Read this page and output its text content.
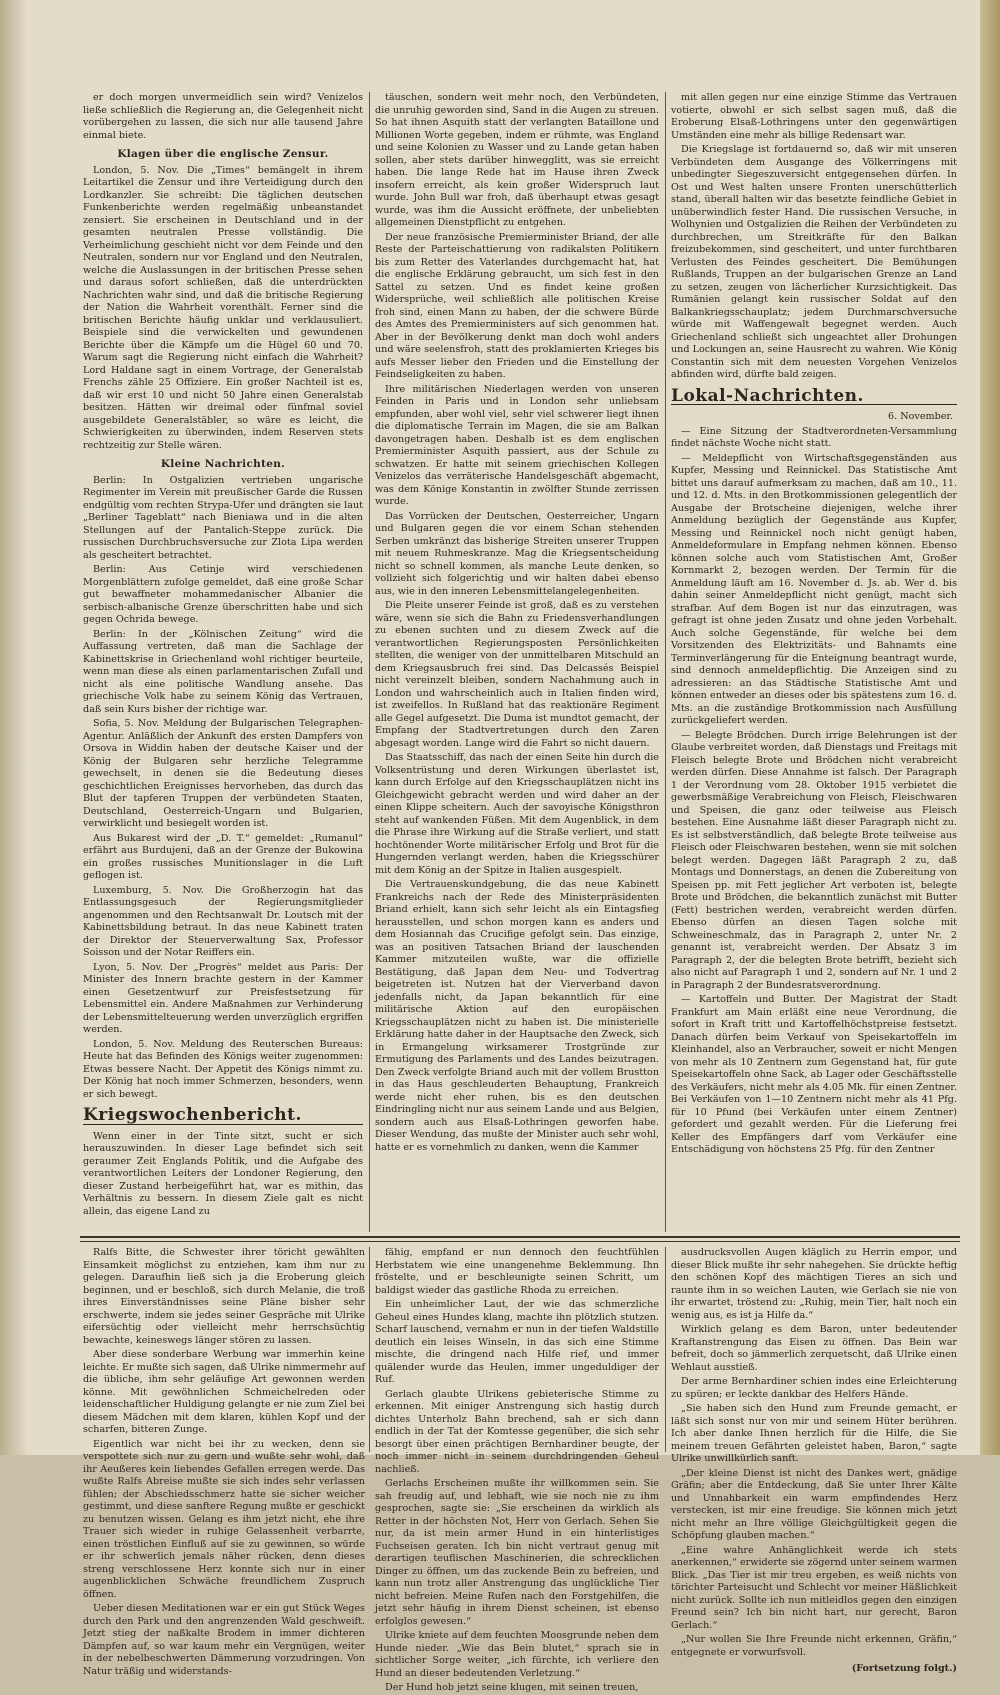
er doch morgen unvermeidlich sein wird? Venizelos ließe schließlich die Regierung an, die Gelegenheit nicht vorübergehen zu lassen, die sich nur alle tausend Jahre einmal biete.

Klagen über die englische Zensur.

London, 5. Nov. Die „Times“ bemängelt in ihrem Leitartikel die Zensur und ihre Verteidigung durch den Lordkanzler. Sie schreibt: Die täglichen deutschen Funkenberichte werden regelmäßig unbeanstandet zensiert. Sie erscheinen in Deutschland und in der gesamten neutralen Presse vollständig. Die Verheimlichung geschieht nicht vor dem Feinde und den Neutralen, sondern nur vor England und den Neutralen, welche die Auslassungen in der britischen Presse sehen und daraus sofort schließen, daß die unterdrückten Nachrichten wahr sind, und daß die britische Regierung der Nation die Wahrheit vorenthält. Ferner sind die britischen Berichte häufig unklar und verklausuliert. Beispiele sind die verwickelten und gewundenen Berichte über die Kämpfe um die Hügel 60 und 70. Warum sagt die Regierung nicht einfach die Wahrheit? Lord Haldane sagt in einem Vortrage, der Generalstab Frenchs zähle 25 Offiziere. Ein großer Nachteil ist es, daß wir erst 10 und nicht 50 Jahre einen Generalstab besitzen. Hätten wir dreimal oder fünfmal soviel ausgebildete Generalstäbler, so wäre es leicht, die Schwierigkeiten zu überwinden, indem Reserven stets rechtzeitig zur Stelle wären.

Kleine Nachrichten.

Berlin: In Ostgalizien vertrieben ungarische Regimenter im Verein mit preußischer Garde die Russen endgültig vom rechten Strypa-Ufer und drängten sie laut „Berliner Tageblatt“ nach Bieniawa und in die alten Stellungen auf der Pantalich-Steppe zurück. Die russischen Durchbruchsversuche zur Zlota Lipa werden als gescheitert betrachtet.

Berlin: Aus Cetinje wird verschiedenen Morgenblättern zufolge gemeldet, daß eine große Schar gut bewaffneter mohammedanischer Albanier die serbisch-albanische Grenze überschritten habe und sich gegen Ochrida bewege.

Berlin: In der „Kölnischen Zeitung“ wird die Auffassung vertreten, daß man die Sachlage der Kabinettskrise in Griechenland wohl richtiger beurteile, wenn man diese als einen parlamentarischen Zufall und nicht als eine politische Wandlung ansehe. Das griechische Volk habe zu seinem König das Vertrauen, daß sein Kurs bisher der richtige war.

Sofia, 5. Nov. Meldung der Bulgarischen Telegraphen-Agentur. Anläßlich der Ankunft des ersten Dampfers von Orsova in Widdin haben der deutsche Kaiser und der König der Bulgaren sehr herzliche Telegramme gewechselt, in denen sie die Bedeutung dieses geschichtlichen Ereignisses hervorheben, das durch das Blut der tapferen Truppen der verbündeten Staaten, Deutschland, Oesterreich-Ungarn und Bulgarien, verwirklicht und besiegelt worden ist.

Aus Bukarest wird der „D. T.“ gemeldet: „Rumanul“ erfährt aus Burdujeni, daß an der Grenze der Bukowina ein großes russisches Munitionslager in die Luft geflogen ist.

Luxemburg, 5. Nov. Die Großherzogin hat das Entlassungsgesuch der Regierungsmitglieder angenommen und den Rechtsanwalt Dr. Loutsch mit der Kabinettsbildung betraut. In das neue Kabinett traten der Direktor der Steuerverwaltung Sax, Professor Soisson und der Notar Reiffers ein.

Lyon, 5. Nov. Der „Progrès“ meldet aus Paris: Der Minister des Innern brachte gestern in der Kammer einen Gesetzentwurf zur Preisfestsetzung für Lebensmittel ein. Andere Maßnahmen zur Verhinderung der Lebensmittelteuerung werden unverzüglich ergriffen werden.

London, 5. Nov. Meldung des Reuterschen Bureaus: Heute hat das Befinden des Königs weiter zugenommen: Etwas bessere Nacht. Der Appetit des Königs nimmt zu. Der König hat noch immer Schmerzen, besonders, wenn er sich bewegt.

Kriegswochenbericht.

Wenn einer in der Tinte sitzt, sucht er sich herauszuwinden. In dieser Lage befindet sich seit geraumer Zeit Englands Politik, und die Aufgabe des verantwortlichen Leiters der Londoner Regierung, den dieser Zustand herbeigeführt hat, war es mithin, das Verhältnis zu bessern. In diesem Ziele galt es nicht allein, das eigene Land zu

täuschen, sondern weit mehr noch, den Verbündeten, die unruhig geworden sind, Sand in die Augen zu streuen. So hat ihnen Asquith statt der verlangten Bataillone und Millionen Worte gegeben, indem er rühmte, was England und seine Kolonien zu Wasser und zu Lande getan haben sollen, aber stets darüber hinwegglitt, was sie erreicht haben. Die lange Rede hat im Hause ihren Zweck insofern erreicht, als kein großer Widerspruch laut wurde. John Bull war froh, daß überhaupt etwas gesagt wurde, was ihm die Aussicht eröffnete, der unbeliebten allgemeinen Dienstpflicht zu entgehen.

Der neue französische Premierminister Briand, der alle Reste der Parteischattierung von radikalsten Politikern bis zum Retter des Vaterlandes durchgemacht hat, hat die englische Erklärung gebraucht, um sich fest in den Sattel zu setzen. Und es findet keine großen Widersprüche, weil schließlich alle politischen Kreise froh sind, einen Mann zu haben, der die schwere Bürde des Amtes des Premierministers auf sich genommen hat. Aber in der Bevölkerung denkt man doch wohl anders und wäre seelensfroh, statt des proklamierten Krieges bis aufs Messer lieber den Frieden und die Einstellung der Feindseligkeiten zu haben.

Ihre militärischen Niederlagen werden von unseren Feinden in Paris und in London sehr unliebsam empfunden, aber wohl viel, sehr viel schwerer liegt ihnen die diplomatische Terrain im Magen, die sie am Balkan davongetragen haben. Deshalb ist es dem englischen Premierminister Asquith passiert, aus der Schule zu schwatzen. Er hatte mit seinem griechischen Kollegen Venizelos das verräterische Handelsgeschäft abgemacht, was dem Könige Konstantin in zwölfter Stunde zerrissen wurde.

Das Vorrücken der Deutschen, Oesterreicher, Ungarn und Bulgaren gegen die vor einem Schan stehenden Serben umkränzt das bisherige Streiten unserer Truppen mit neuem Ruhmeskranze. Mag die Kriegsentscheidung nicht so schnell kommen, als manche Leute denken, so vollzieht sich folgerichtig und wir halten dabei ebenso aus, wie in den inneren Lebensmittelangelegenheiten.

Die Pleite unserer Feinde ist groß, daß es zu verstehen wäre, wenn sie sich die Bahn zu Friedensverhandlungen zu ebenen suchten und zu diesem Zweck auf die verantwortlichen Regierungsposten Persönlichkeiten stellten, die weniger von der unmittelbaren Mitschuld an dem Kriegsausbruch frei sind. Das Delcassés Beispiel nicht vereinzelt bleiben, sondern Nachahmung auch in London und wahrscheinlich auch in Italien finden wird, ist zweifellos. In Rußland hat das reaktionäre Regiment alle Gegel aufgesetzt. Die Duma ist mundtot gemacht, der Empfang der Stadtvertretungen durch den Zaren abgesagt worden. Lange wird die Fahrt so nicht dauern.

Das Staatsschiff, das nach der einen Seite hin durch die Volksentrüstung und deren Wirkungen überlastet ist, kann durch Erfolge auf den Kriegsschauplätzen nicht ins Gleichgewicht gebracht werden und wird daher an der einen Klippe scheitern. Auch der savoyische Königsthron steht auf wankenden Füßen. Mit dem Augenblick, in dem die Phrase ihre Wirkung auf die Straße verliert, und statt hochtönender Worte militärischer Erfolg und Brot für die Hungernden verlangt werden, haben die Kriegsschürer mit dem König an der Spitze in Italien ausgespielt.

Die Vertrauenskundgebung, die das neue Kabinett Frankreichs nach der Rede des Ministerpräsidenten Briand erhielt, kann sich sehr leicht als ein Eintagsfieg herausstellen, und schon morgen kann es anders und dem Hosiannah das Crucifige gefolgt sein. Das einzige, was an positiven Tatsachen Briand der lauschenden Kammer mitzuteilen wußte, war die offizielle Bestätigung, daß Japan dem Neu- und Todvertrag beigetreten ist. Nutzen hat der Vierverband davon jedenfalls nicht, da Japan bekanntlich für eine militärische Aktion auf den europäischen Kriegsschauplätzen nicht zu haben ist. Die ministerielle Erklärung hatte daher in der Hauptsache den Zweck, sich in Ermangelung wirksamerer Trostgründe zur Ermutigung des Parlaments und des Landes beizutragen. Den Zweck verfolgte Briand auch mit der vollem Brustton in das Haus geschleuderten Behauptung, Frankreich werde nicht eher ruhen, bis es den deutschen Eindringling nicht nur aus seinem Lande und aus Belgien, sondern auch aus Elsaß-Lothringen geworfen habe. Dieser Wendung, das mußte der Minister auch sehr wohl, hatte er es vornehmlich zu danken, wenn die Kammer

mit allen gegen nur eine einzige Stimme das Vertrauen votierte, obwohl er sich selbst sagen muß, daß die Eroberung Elsaß-Lothringens unter den gegenwärtigen Umständen eine mehr als billige Redensart war.

Die Kriegslage ist fortdauernd so, daß wir mit unseren Verbündeten dem Ausgange des Völkerringens mit unbedingter Siegeszuversicht entgegensehen dürfen. In Ost und West halten unsere Fronten unerschütterlich stand, überall halten wir das besetzte feindliche Gebiet in unüberwindlich fester Hand. Die russischen Versuche, in Wolhynien und Ostgalizien die Reihen der Verbündeten zu durchbrechen, um Streitkräfte für den Balkan freizubekommen, sind gescheitert, und unter furchtbaren Verlusten des Feindes gescheitert. Die Bemühungen Rußlands, Truppen an der bulgarischen Grenze an Land zu setzen, zeugen von lächerlicher Kurzsichtigkeit. Das Rumänien gelangt kein russischer Soldat auf den Balkankriegsschauplatz; jedem Durchmarschversuche würde mit Waffengewalt begegnet werden. Auch Griechenland schließt sich ungeachtet aller Drohungen und Lockungen an, seine Hausrecht zu wahren. Wie König Constantin sich mit dem neuesten Vorgehen Venizelos abfinden wird, dürfte bald zeigen.

Lokal-Nachrichten.
6. November.

— Eine Sitzung der Stadtverordneten-Versammlung findet nächste Woche nicht statt.

— Meldepflicht von Wirtschaftsgegenständen aus Kupfer, Messing und Reinnickel. Das Statistische Amt bittet uns darauf aufmerksam zu machen, daß am 10., 11. und 12. d. Mts. in den Brotkommissionen gelegentlich der Ausgabe der Brotscheine diejenigen, welche ihrer Anmeldung bezüglich der Gegenstände aus Kupfer, Messing und Reinnickel noch nicht genügt haben, Anmeldeformulare in Empfang nehmen können. Ebenso können solche auch vom Statistischen Amt, Großer Kornmarkt 2, bezogen werden. Der Termin für die Anmeldung läuft am 16. November d. Js. ab. Wer d. bis dahin seiner Anmeldepflicht nicht genügt, macht sich strafbar. Auf dem Bogen ist nur das einzutragen, was gefragt ist ohne jeden Zusatz und ohne jeden Vorbehalt. Auch solche Gegenstände, für welche bei dem Vorsitzenden des Elektrizitäts- und Bahnamts eine Terminverlängerung für die Enteignung beantragt wurde, sind dennoch anmeldepflichtig. Die Anzeigen sind zu adressieren: an das Städtische Statistische Amt und können entweder an dieses oder bis spätestens zum 16. d. Mts. an die zuständige Brotkommission nach Ausfüllung zurückgeliefert werden.

— Belegte Brödchen. Durch irrige Belehrungen ist der Glaube verbreitet worden, daß Dienstags und Freitags mit Fleisch belegte Brote und Brödchen nicht verabreicht werden dürfen. Diese Annahme ist falsch. Der Paragraph 1 der Verordnung vom 28. Oktober 1915 verbietet die gewerbsmäßige Verabreichung von Fleisch, Fleischwaren und Speisen, die ganz oder teilweise aus Fleisch bestehen. Eine Ausnahme läßt dieser Paragraph nicht zu. Es ist selbstverständlich, daß belegte Brote teilweise aus Fleisch oder Fleischwaren bestehen, wenn sie mit solchen belegt werden. Dagegen läßt Paragraph 2 zu, daß Montags und Donnerstags, an denen die Zubereitung von Speisen pp. mit Fett jeglicher Art verboten ist, belegte Brote und Brödchen, die bekanntlich zunächst mit Butter (Fett) bestrichen werden, verabreicht werden dürfen. Ebenso dürfen an diesen Tagen solche mit Schweineschmalz, das in Paragraph 2, unter Nr. 2 genannt ist, verabreicht werden. Der Absatz 3 im Paragraph 2, der die belegten Brote betrifft, bezieht sich also nicht auf Paragraph 1 und 2, sondern auf Nr. 1 und 2 in Paragraph 2 der Bundesratsverordnung.

— Kartoffeln und Butter. Der Magistrat der Stadt Frankfurt am Main erläßt eine neue Verordnung, die sofort in Kraft tritt und Kartoffelhöchstpreise festsetzt. Danach dürfen beim Verkauf von Speisekartoffeln im Kleinhandel, also an Verbraucher, soweit er nicht Mengen von mehr als 10 Zentnern zum Gegenstand hat, für gute Speisekartoffeln ohne Sack, ab Lager oder Geschäftsstelle des Verkäufers, nicht mehr als 4.05 Mk. für einen Zentner. Bei Verkäufen von 1—10 Zentnern nicht mehr als 41 Pfg. für 10 Pfund (bei Verkäufen unter einem Zentner) gefordert und gezahlt werden. Für die Lieferung frei Keller des Empfängers darf vom Verkäufer eine Entschädigung von höchstens 25 Pfg. für den Zentner

Ralfs Bitte, die Schwester ihrer töricht gewählten Einsamkeit möglichst zu entziehen, kam ihm nur zu gelegen. Daraufhin ließ sich ja die Eroberung gleich beginnen, und er beschloß, sich durch Melanie, die troß ihres Einverständnisses seine Pläne bisher sehr erschwerte, indem sie jedes seiner Gespräche mit Ulrike eifersüchtig oder vielleicht mehr herrschsüchtig bewachte, keineswegs länger stören zu lassen.

Aber diese sonderbare Werbung war immerhin keine leichte. Er mußte sich sagen, daß Ulrike nimmermehr auf die übliche, ihm sehr geläufige Art gewonnen werden könne. Mit gewöhnlichen Schmeichelreden oder leidenschaftlicher Huldigung gelangte er nie zum Ziel bei diesem Mädchen mit dem klaren, kühlen Kopf und der scharfen, bitteren Zunge.

Eigentlich war nicht bei ihr zu wecken, denn sie verspottete sich nur zu gern und wußte sehr wohl, daß ihr Aeußeres kein liebendes Gefallen erregen werde. Das wußte Ralfs Abreise mußte sie sich indes sehr verlassen fühlen; der Abschiedsschmerz hatte sie sicher weicher gestimmt, und diese sanftere Regung mußte er geschickt zu benutzen wissen. Gelang es ihm jetzt nicht, ehe ihre Trauer sich wieder in ruhige Gelassenheit verbarrte, einen tröstlichen Einfluß auf sie zu gewinnen, so würde er ihr schwerlich jemals näher rücken, denn dieses streng verschlossene Herz konnte sich nur in einer augenblicklichen Schwäche freundlichem Zuspruch öffnen.

Ueber diesen Meditationen war er ein gut Stück Weges durch den Park und den angrenzenden Wald geschweift. Jetzt stieg der naßkalte Brodem in immer dichteren Dämpfen auf, so war kaum mehr ein Vergnügen, weiter in der nebelbeschwerten Dämmerung vorzudringen. Von Natur träßig und widerstands-

fähig, empfand er nun dennoch den feuchtfühlen Herbstatem wie eine unangenehme Beklemmung. Ihn fröstelte, und er beschleunigte seinen Schritt, um baldigst wieder das gastliche Rhoda zu erreichen.

Ein unheimlicher Laut, der wie das schmerzliche Geheul eines Hundes klang, machte ihn plötzlich stutzen. Scharf lauschend, vernahm er nun in der tiefen Waldstille deutlich ein leises Winseln, in das sich eine Stimme mischte, die dringend nach Hilfe rief, und immer quälender wurde das Heulen, immer ungeduldiger der Ruf.

Gerlach glaubte Ulrikens gebieterische Stimme zu erkennen. Mit einiger Anstrengung sich hastig durch dichtes Unterholz Bahn brechend, sah er sich dann endlich in der Tat der Komtesse gegenüber, die sich sehr besorgt über einen prächtigen Bernhardiner beugte, der noch immer nicht in seinem durchdringenden Geheul nachließ.

Gerlachs Erscheinen mußte ihr willkommen sein. Sie sah freudig auf, und lebhaft, wie sie noch nie zu ihm gesprochen, sagte sie: „Sie erscheinen da wirklich als Retter in der höchsten Not, Herr von Gerlach. Sehen Sie nur, da ist mein armer Hund in ein hinterlistiges Fuchseisen geraten. Ich bin nicht vertraut genug mit derartigen teuflischen Maschinerien, die schrecklichen Dinger zu öffnen, um das zuckende Bein zu befreien, und kann nun trotz aller Anstrengung das unglückliche Tier nicht befreien. Meine Rufen nach den Forstgehilfen, die jetzt sehr häufig in ihrem Dienst scheinen, ist ebenso erfolglos gewesen.“

Ulrike kniete auf dem feuchten Moosgrunde neben dem Hunde nieder. „Wie das Bein blutet,“ sprach sie in sichtlicher Sorge weiter, „ich fürchte, ich verliere den Hund an dieser bedeutenden Verletzung.“

Der Hund hob jetzt seine klugen, mit seinen treuen,

ausdrucksvollen Augen kläglich zu Herrin empor, und dieser Blick mußte ihr sehr nahegehen. Sie drückte heftig den schönen Kopf des mächtigen Tieres an sich und raunte ihm in so weichen Lauten, wie Gerlach sie nie von ihr erwartet, tröstend zu: „Ruhig, mein Tier, halt noch ein wenig aus, es ist ja Hilfe da.“

Wirklich gelang es dem Baron, unter bedeutender Kraftanstrengung das Eisen zu öffnen. Das Bein war befreit, doch so jämmerlich zerquetscht, daß Ulrike einen Wehlaut ausstieß.

Der arme Bernhardiner schien indes eine Erleichterung zu spüren; er leckte dankbar des Helfers Hände.

„Sie haben sich den Hund zum Freunde gemacht, er läßt sich sonst nur von mir und seinem Hüter berühren. Ich aber danke Ihnen herzlich für die Hilfe, die Sie meinem treuen Gefährten geleistet haben, Baron,“ sagte Ulrike unwillkürlich sanft.

„Der kleine Dienst ist nicht des Dankes wert, gnädige Gräfin; aber die Entdeckung, daß Sie unter Ihrer Kälte und Unnahbarkeit ein warm empfindendes Herz verstecken, ist mir eine freudige. Sie können mich jetzt nicht mehr an Ihre völlige Gleichgültigkeit gegen die Schöpfung glauben machen.“

„Eine wahre Anhänglichkeit werde ich stets anerkennen,“ erwiderte sie zögernd unter seinem warmen Blick. „Das Tier ist mir treu ergeben, es weiß nichts von törichter Parteisucht und Schlecht vor meiner Häßlichkeit nicht zurück. Sollte ich nun mitleidlos gegen den einzigen Freund sein? Ich bin nicht hart, nur gerecht, Baron Gerlach.“

„Nur wollen Sie Ihre Freunde nicht erkennen, Gräfin,“ entgegnete er vorwurfsvoll.

(Fortsetzung folgt.)
